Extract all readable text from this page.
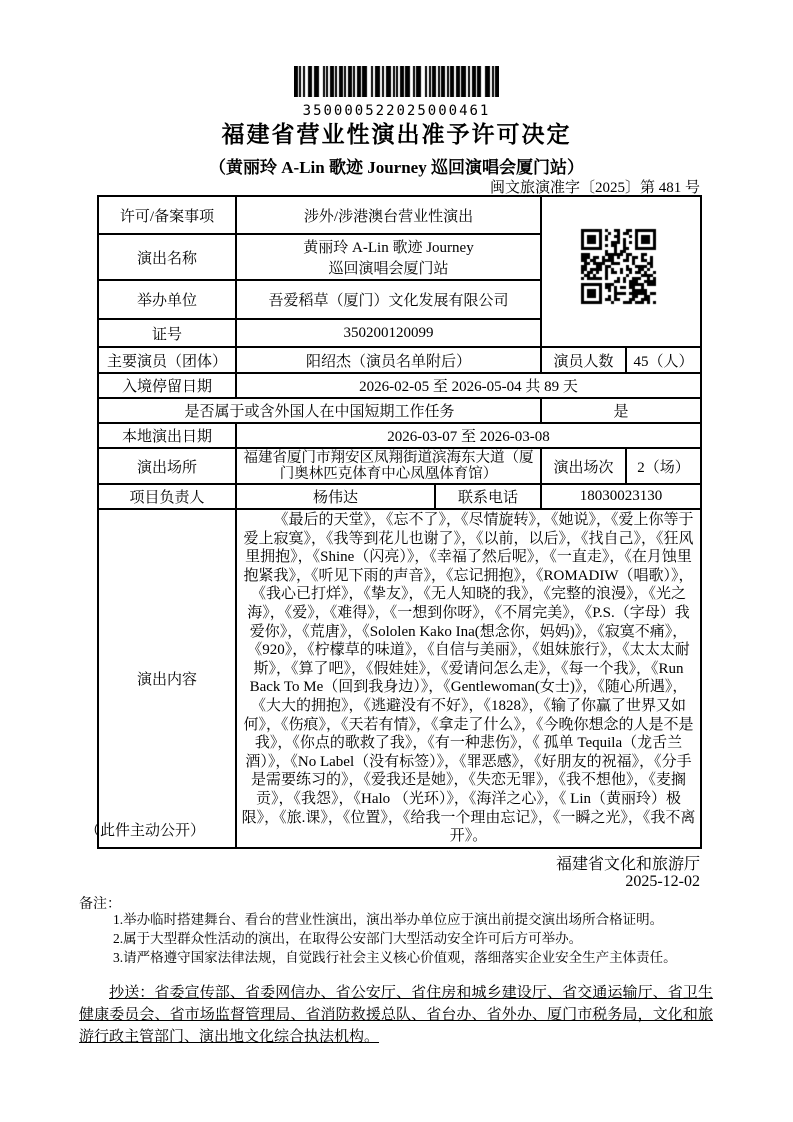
350000522025000461
福建省营业性演出准予许可决定
（黄丽玲 A-Lin 歌迹 Journey 巡回演唱会厦门站）
闽文旅演准字〔2025〕第 481 号
许可/备案事项	涉外/涉港澳台营业性演出	
演出名称	黄丽玲 A-Lin 歌迹 Journey
巡回演唱会厦门站			
举办单位	吾爱稻草（厦门）文化发展有限公司			
证号	350200120099			
主要演员（团体）	阳绍杰（演员名单附后）		演员人数	45（人）
入境停留日期	2026-02-05 至 2026-05-04 共 89 天			
是否属于或含外国人在中国短期工作任务			是	
本地演出日期	2026-03-07 至 2026-03-08			
演出场所	福建省厦门市翔安区凤翔街道滨海东大道（厦门奥林匹克体育中心凤凰体育馆）		演出场次	2（场）
项目负责人	杨伟达	联系电话	18030023130	
演出内容	《最后的天堂》，《忘不了》，《尽情旋转》，《她说》，《爱上你等于爱上寂寞》，《我等到花儿也谢了》，《以前，以后》，《找自己》，《狂风里拥抱》，《Shine（闪亮）》，《幸福了然后呢》，《一直走》，《在月蚀里抱紧我》，《听见下雨的声音》，《忘记拥抱》，《ROMADIW（唱歌）》，《我心已打烊》，《挚友》，《无人知晓的我》，《完整的浪漫》，《光之海》，《爱》，《难得》，《一想到你呀》，《不屑完美》，《P.S.（字母）我爱你》，《荒唐》，《Sololen Kako Ina(想念你，妈妈)》，《寂寞不痛》，《920》，《柠檬草的味道》，《自信与美丽》，《姐妹旅行》，《太太太耐斯》，《算了吧》，《假娃娃》，《爱请问怎么走》，《每一个我》，《Run Back To Me（回到我身边）》，《Gentlewoman(女士)》，《随心所遇》，《大大的拥抱》，《逃避没有不好》，《1828》，《输了你赢了世界又如何》，《伤痕》，《天若有情》，《拿走了什么》，《今晚你想念的人是不是我》，《你点的歌救了我》，《有一种悲伤》，《 孤单 Tequila（龙舌兰酒）》，《No Label（没有标签）》，《罪恶感》，《好朋友的祝福》，《分手是需要练习的》，《爱我还是她》，《失恋无罪》，《我不想他》，《麦搁贡》，《我怨》，《Halo （光环）》，《海洋之心》，《 Lin（黄丽玲）极限》，《旅.课》，《位置》，《给我一个理由忘记》，《一瞬之光》，《我不离开》。			
（此件主动公开）
福建省文化和旅游厅
2025-12-02
备注：
1.举办临时搭建舞台、看台的营业性演出，演出举办单位应于演出前提交演出场所合格证明。
2.属于大型群众性活动的演出，在取得公安部门大型活动安全许可后方可举办。
3.请严格遵守国家法律法规，自觉践行社会主义核心价值观，落细落实企业安全生产主体责任。
抄送：省委宣传部、省委网信办、省公安厅、省住房和城乡建设厅、省交通运输厅、省卫生健康委员会、省市场监督管理局、省消防救援总队、省台办、省外办、厦门市税务局，文化和旅游行政主管部门、演出地文化综合执法机构。
